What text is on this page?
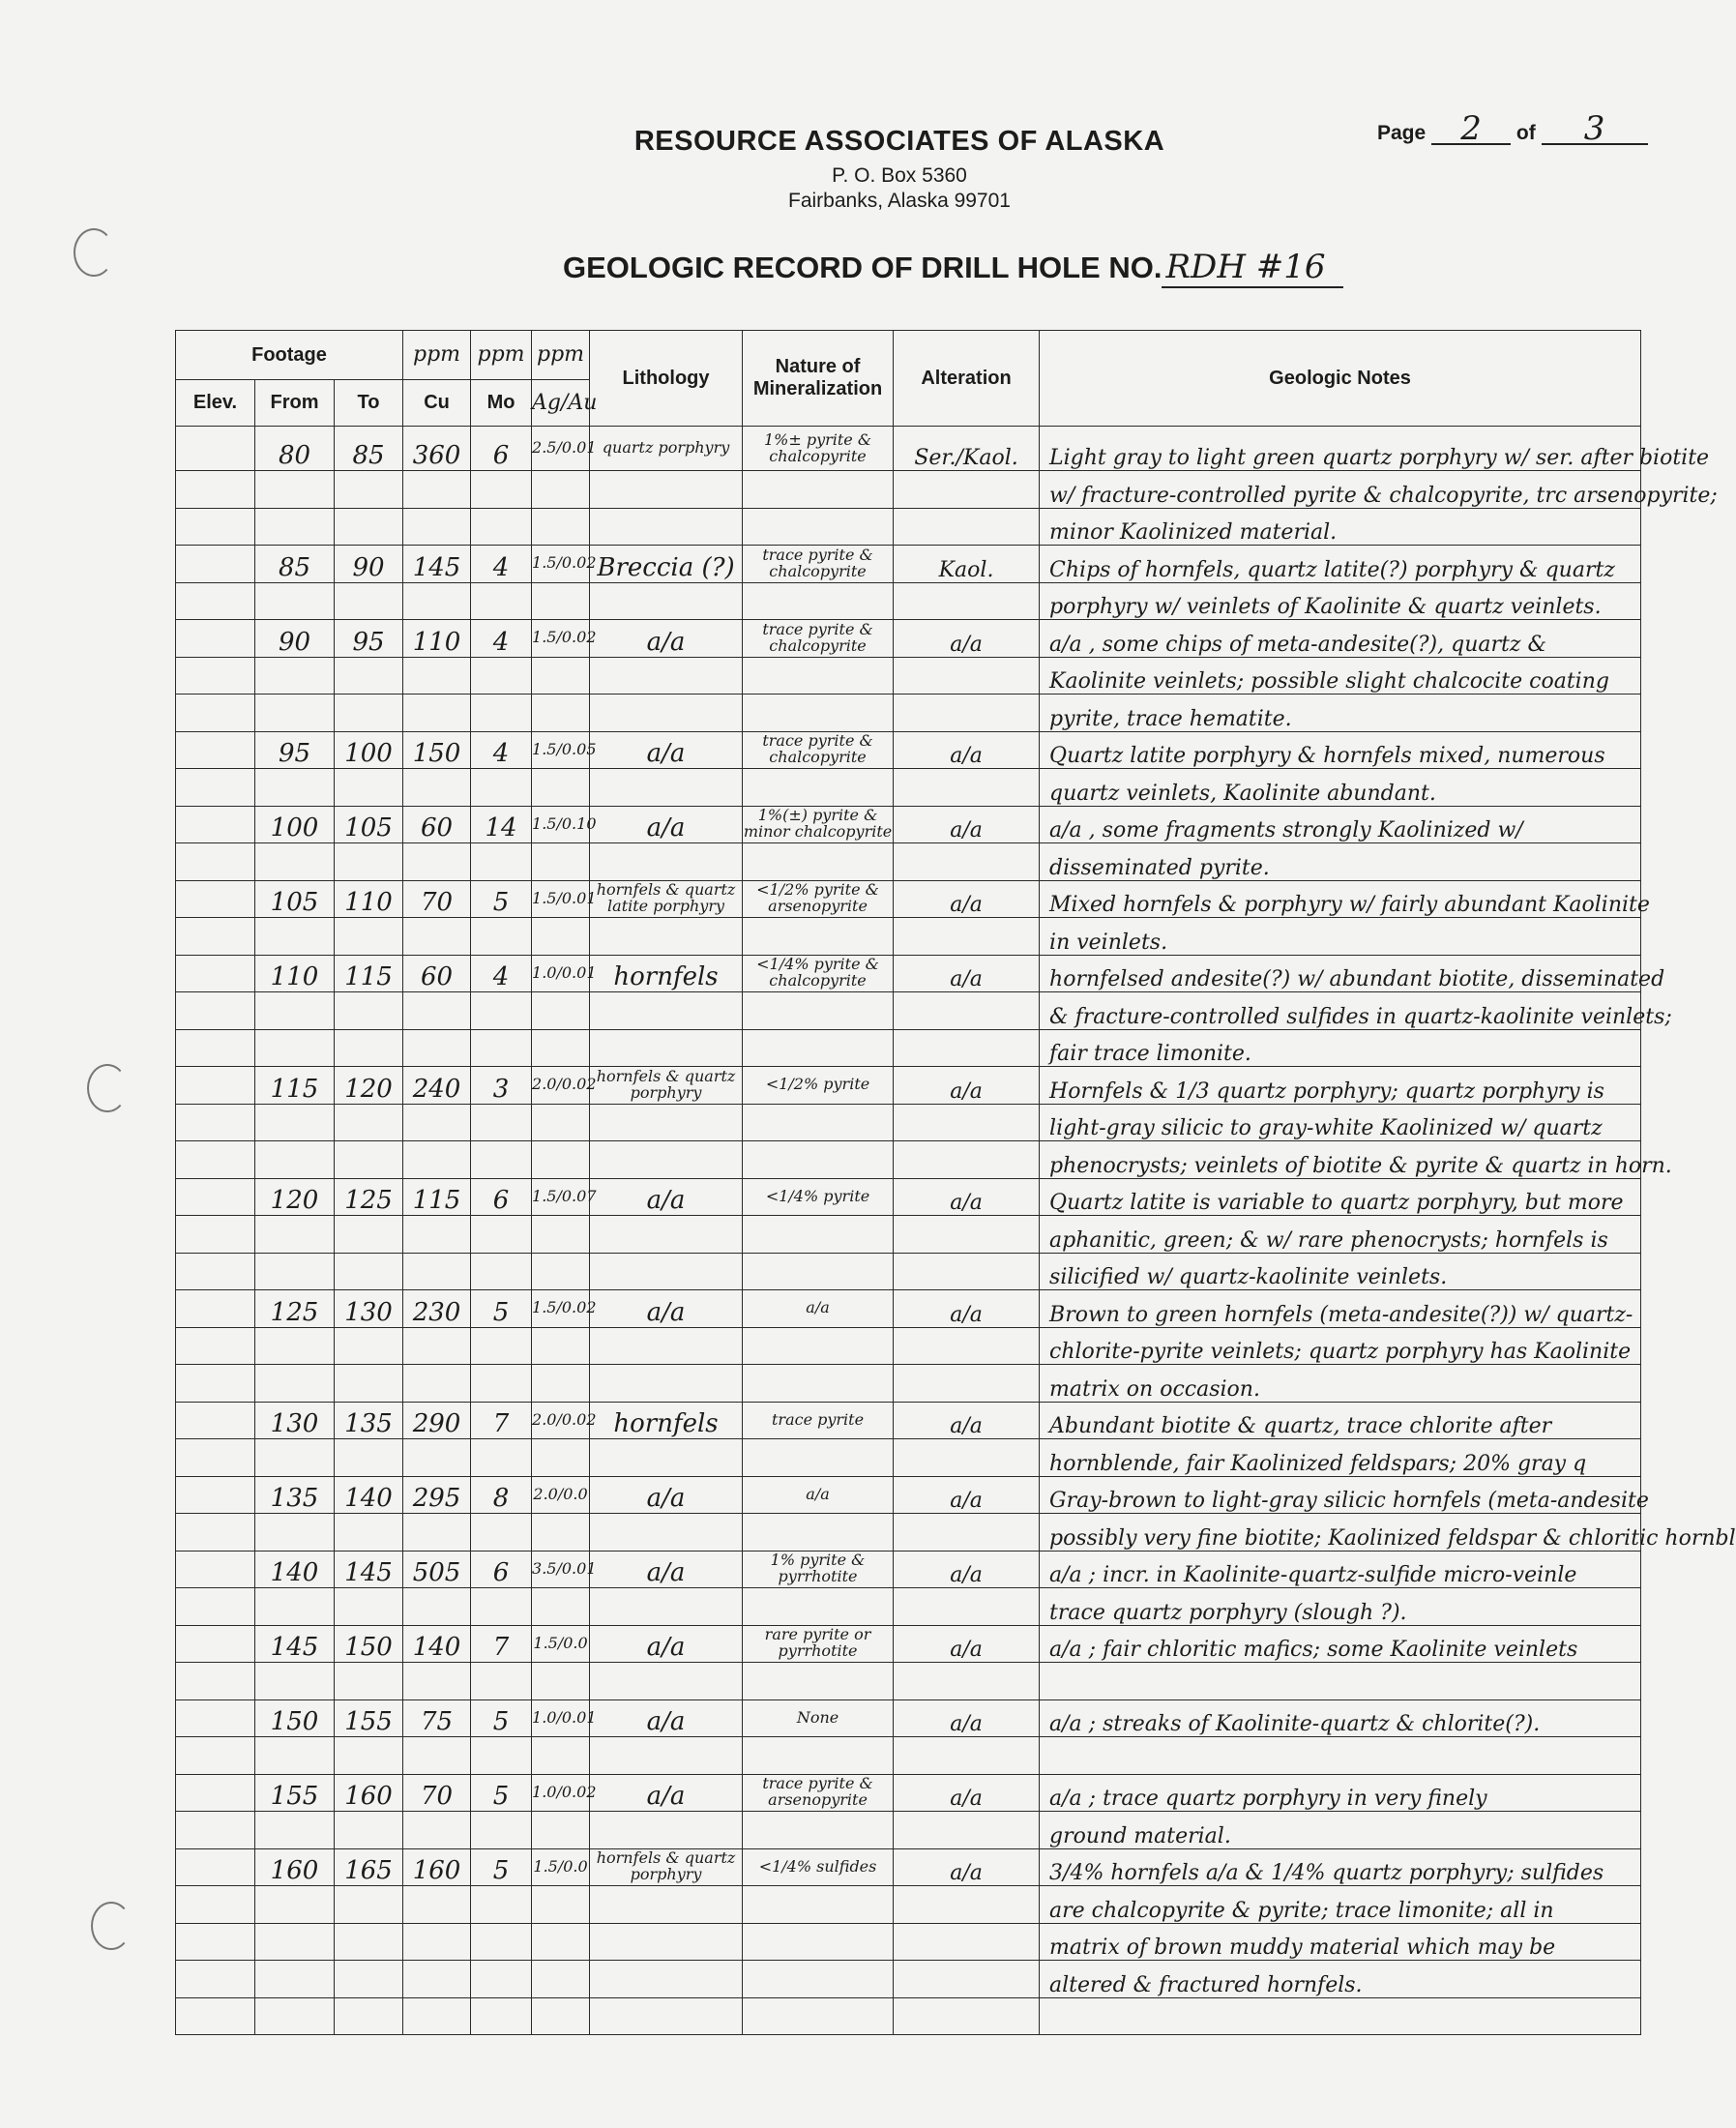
Page 2 of 3
RESOURCE ASSOCIATES OF ALASKA
P. O. Box 5360
Fairbanks, Alaska 99701
GEOLOGIC RECORD OF DRILL HOLE NO. RDH #16
Footage			ppm	ppm	ppm	Lithology	Nature of Mineralization	Alteration	Geologic Notes
Elev.	From	To	Cu	Mo	Ag/Au				
	80	85	360	6	2.5/0.01	quartz porphyry	1%± pyrite & chalcopyrite	Ser./Kaol.	Light gray to light green quartz porphyry w/ ser. after biotite
									w/ fracture-controlled pyrite & chalcopyrite, trc arsenopyrite;
									minor Kaolinized material.
	85	90	145	4	1.5/0.02	Breccia (?)	trace pyrite & chalcopyrite	Kaol.	Chips of hornfels, quartz latite(?) porphyry & quartz
									porphyry w/ veinlets of Kaolinite & quartz veinlets.
	90	95	110	4	1.5/0.02	a/a	trace pyrite & chalcopyrite	a/a	a/a , some chips of meta-andesite(?), quartz &
									Kaolinite veinlets; possible slight chalcocite coating
									pyrite, trace hematite.
	95	100	150	4	1.5/0.05	a/a	trace pyrite & chalcopyrite	a/a	Quartz latite porphyry & hornfels mixed, numerous
									quartz veinlets, Kaolinite abundant.
	100	105	60	14	1.5/0.10	a/a	1%(±) pyrite & minor chalcopyrite	a/a	a/a , some fragments strongly Kaolinized w/
									disseminated pyrite.
	105	110	70	5	1.5/0.01	hornfels & quartz latite porphyry	<1/2% pyrite & arsenopyrite	a/a	Mixed hornfels & porphyry w/ fairly abundant Kaolinite
									in veinlets.
	110	115	60	4	1.0/0.01	hornfels	<1/4% pyrite & chalcopyrite	a/a	hornfelsed andesite(?) w/ abundant biotite, disseminated
									& fracture-controlled sulfides in quartz-kaolinite veinlets;
									fair trace limonite.
	115	120	240	3	2.0/0.02	hornfels & quartz porphyry	<1/2% pyrite	a/a	Hornfels & 1/3 quartz porphyry; quartz porphyry is
									light-gray silicic to gray-white Kaolinized w/ quartz
									phenocrysts; veinlets of biotite & pyrite & quartz in horn.
	120	125	115	6	1.5/0.07	a/a	<1/4% pyrite	a/a	Quartz latite is variable to quartz porphyry, but more
									aphanitic, green; & w/ rare phenocrysts; hornfels is
									silicified w/ quartz-kaolinite veinlets.
	125	130	230	5	1.5/0.02	a/a	a/a	a/a	Brown to green hornfels (meta-andesite(?)) w/ quartz-
									chlorite-pyrite veinlets; quartz porphyry has Kaolinite
									matrix on occasion.
	130	135	290	7	2.0/0.02	hornfels	trace pyrite	a/a	Abundant biotite & quartz, trace chlorite after
									hornblende, fair Kaolinized feldspars; 20% gray q
	135	140	295	8	2.0/0.0	a/a	a/a	a/a	Gray-brown to light-gray silicic hornfels (meta-andesite
									possibly very fine biotite; Kaolinized feldspar & chloritic hornbl
	140	145	505	6	3.5/0.01	a/a	1% pyrite & pyrrhotite	a/a	a/a ; incr. in Kaolinite-quartz-sulfide micro-veinle
									trace quartz porphyry (slough ?).
	145	150	140	7	1.5/0.0	a/a	rare pyrite or pyrrhotite	a/a	a/a ; fair chloritic mafics; some Kaolinite veinlets

	150	155	75	5	1.0/0.01	a/a	None	a/a	a/a ; streaks of Kaolinite-quartz & chlorite(?).

	155	160	70	5	1.0/0.02	a/a	trace pyrite & arsenopyrite	a/a	a/a ; trace quartz porphyry in very finely
									ground material.
	160	165	160	5	1.5/0.0	hornfels & quartz porphyry	<1/4% sulfides	a/a	3/4% hornfels a/a & 1/4% quartz porphyry; sulfides
									are chalcopyrite & pyrite; trace limonite; all in
									matrix of brown muddy material which may be
									altered & fractured hornfels.
